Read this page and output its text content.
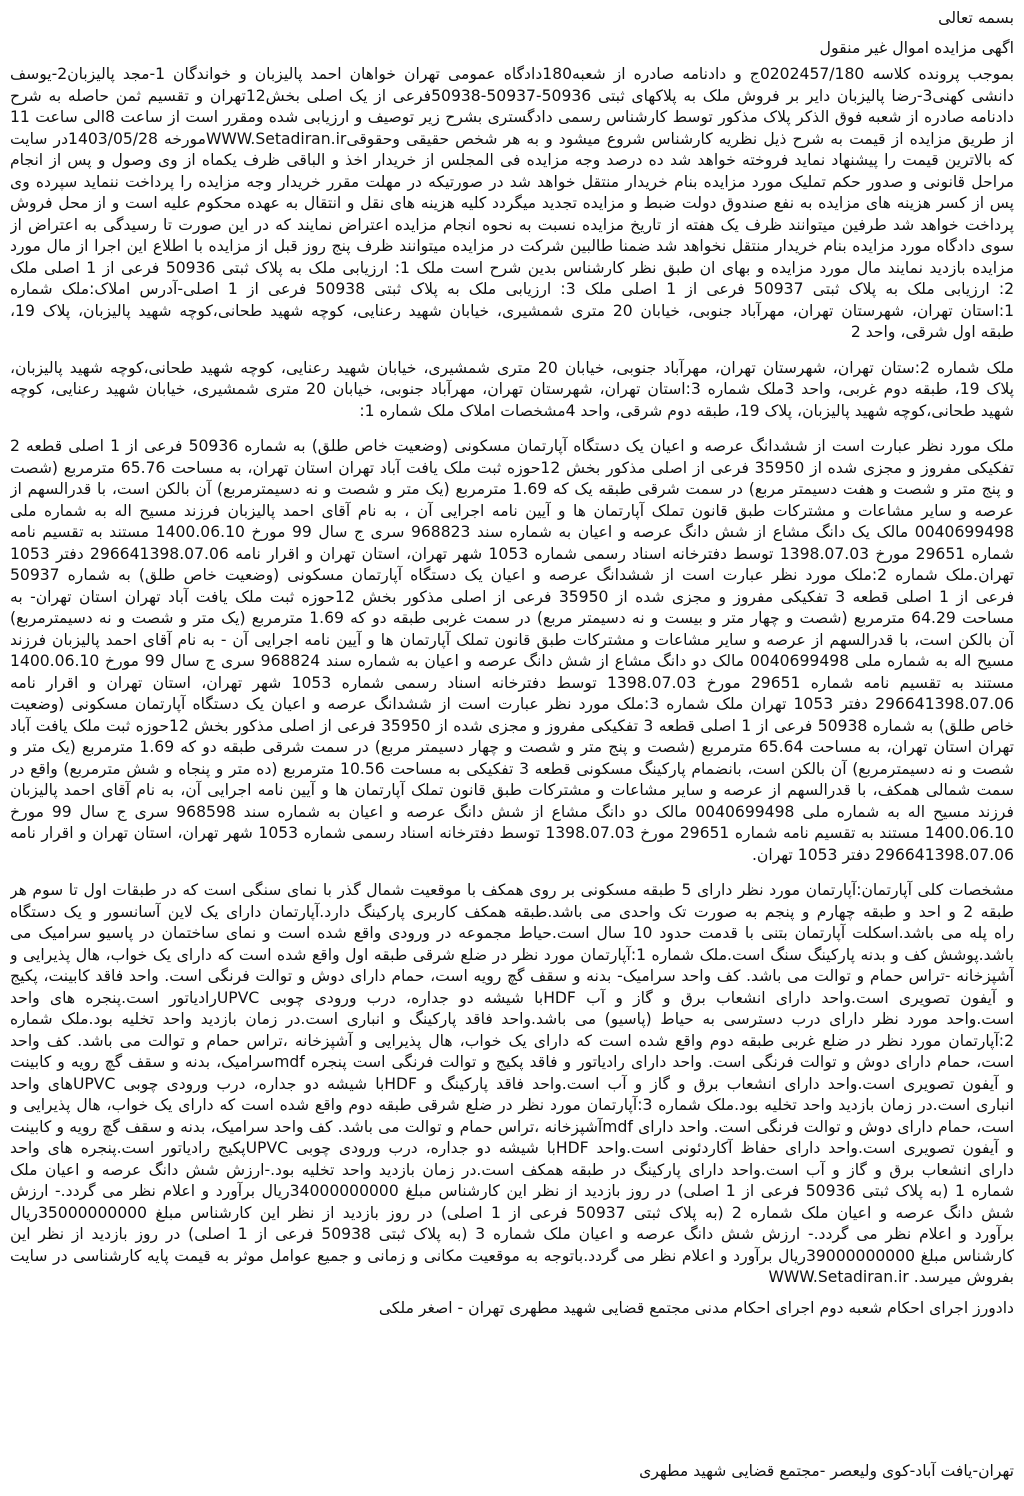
بسمه تعالی
اگهی مزایده اموال غیر منقول
بموجب پرونده کلاسه 0202457/180ج و دادنامه صادره از شعبه180دادگاه عمومی تهران خواهان احمد پالیزبان و خواندگان 1-مجد پالیزبان2-یوسف
دانشی کهنی3-رضا پالیزبان دایر بر فروش ملک به پلاکهای ثبتی 50936-50937-50938فرعی از یک اصلی بخش12تهران و تقسیم ثمن حاصله به شرح
دادنامه صادره از شعبه فوق الذکر پلاک مذکور توسط کارشناس رسمی دادگستری بشرح زیر توصیف و ارزیابی شده ومقرر است از ساعت 8الی ساعت 11
از طریق مزایده از قیمت به شرح ذیل نظریه کارشناس شروع میشود و به هر شخص حقیقی وحقوقیWWW.Setadiran.irمورخه 1403/05/28در سایت
که بالاترین قیمت را پیشنهاد نماید فروخته خواهد شد ده درصد وجه مزایده فی المجلس از خریدار اخذ و الباقی ظرف یکماه از وی وصول و پس از انجام
مراحل قانونی و صدور حکم تملیک مورد مزایده بنام خریدار منتقل خواهد شد در صورتیکه در مهلت مقرر خریدار وجه مزایده را پرداخت ننماید سپرده وی
پس از کسر هزینه های مزایده به نفع صندوق دولت ضبط و مزایده تجدید میگردد کلیه هزینه های نقل و انتقال به عهده محکوم علیه است و از محل فروش
پرداخت خواهد شد طرفین میتوانند ظرف یک هفته از تاریخ مزایده نسبت به نحوه انجام مزایده اعتراض نمایند که در این صورت تا رسیدگی به اعتراض از
سوی دادگاه مورد مزایده بنام خریدار منتقل نخواهد شد ضمنا طالبین شرکت در مزایده میتوانند ظرف پنج روز قبل از مزایده با اطلاع این اجرا از مال مورد
مزایده بازدید نمایند مال مورد مزایده و بهای ان طبق نظر کارشناس بدین شرح است ملک 1: ارزیابی ملک به پلاک ثبتی 50936 فرعی از 1 اصلی ملک
2: ارزیابی ملک به پلاک ثبتی 50937 فرعی از 1 اصلی ملک 3: ارزیابی ملک به پلاک ثبتی 50938 فرعی از 1 اصلی-آدرس املاک:ملک شماره
1:استان تهران، شهرستان تهران، مهرآباد جنوبی، خیابان 20 متری شمشیری، خیابان شهید رعنایی، کوچه شهید طحانی،کوچه شهید پالیزبان، پلاک 19،
طبقه اول شرقی، واحد 2
ملک شماره 2:ستان تهران، شهرستان تهران، مهرآباد جنوبی، خیابان 20 متری شمشیری، خیابان شهید رعنایی، کوچه شهید طحانی،کوچه شهید پالیزبان،
پلاک 19، طبقه دوم غربی، واحد 3ملک شماره 3:استان تهران، شهرستان تهران، مهرآباد جنوبی، خیابان 20 متری شمشیری، خیابان شهید رعنایی، کوچه
شهید طحانی،کوچه شهید پالیزبان، پلاک 19، طبقه دوم شرقی، واحد 4مشخصات املاک ملک شماره 1:
ملک مورد نظر عبارت است از ششدانگ عرصه و اعیان یک دستگاه آپارتمان مسکونی (وضعیت خاص طلق) به شماره 50936 فرعی از 1 اصلی قطعه 2
تفکیکی مفروز و مجزی شده از 35950 فرعی از اصلی مذکور بخش 12حوزه ثبت ملک یافت آباد تهران استان تهران، به مساحت 65.76 مترمربع (شصت
و پنج متر و شصت و هفت دسیمتر مربع) در سمت شرقی طبقه یک که 1.69 مترمربع (یک متر و شصت و نه دسیمترمربع) آن بالکن است، با قدرالسهم از
عرصه و سایر مشاعات و مشترکات طبق قانون تملک آپارتمان ها و آیین نامه اجرایی آن ، به نام آقای احمد پالیزبان فرزند مسیح اله به شماره ملی
0040699498 مالک یک دانگ مشاع از شش دانگ عرصه و اعیان به شماره سند 968823 سری ج سال 99 مورخ 1400.06.10 مستند به تقسیم نامه
شماره 29651 مورخ 1398.07.03 توسط دفترخانه اسناد رسمی شماره 1053 شهر تهران، استان تهران و اقرار نامه 296641398.07.06 دفتر 1053
تهران.ملک شماره 2:ملک مورد نظر عبارت است از ششدانگ عرصه و اعیان یک دستگاه آپارتمان مسکونی (وضعیت خاص طلق) به شماره 50937
فرعی از 1 اصلی قطعه 3 تفکیکی مفروز و مجزی شده از 35950 فرعی از اصلی مذکور بخش 12حوزه ثبت ملک یافت آباد تهران استان تهران- به
مساحت 64.29 مترمربع (شصت و چهار متر و بیست و نه دسیمتر مربع) در سمت غربی طبقه دو که 1.69 مترمربع (یک متر و شصت و نه دسیمترمربع)
آن بالکن است، با قدرالسهم از عرصه و سایر مشاعات و مشترکات طبق قانون تملک آپارتمان ها و آیین نامه اجرایی آن - به نام آقای احمد پالیزبان فرزند
مسیح اله به شماره ملی 0040699498 مالک دو دانگ مشاع از شش دانگ عرصه و اعیان به شماره سند 968824 سری ج سال 99 مورخ 1400.06.10
مستند به تقسیم نامه شماره 29651 مورخ 1398.07.03 توسط دفترخانه اسناد رسمی شماره 1053 شهر تهران، استان تهران و اقرار نامه
296641398.07.06 دفتر 1053 تهران ملک شماره 3:ملک مورد نظر عبارت است از ششدانگ عرصه و اعیان یک دستگاه آپارتمان مسکونی (وضعیت
خاص طلق) به شماره 50938 فرعی از 1 اصلی قطعه 3 تفکیکی مفروز و مجزی شده از 35950 فرعی از اصلی مذکور بخش 12حوزه ثبت ملک یافت آباد
تهران استان تهران، به مساحت 65.64 مترمربع (شصت و پنج متر و شصت و چهار دسیمتر مربع) در سمت شرقی طبقه دو که 1.69 مترمربع (یک متر و
شصت و نه دسیمترمربع) آن بالکن است، بانضمام پارکینگ مسکونی قطعه 3 تفکیکی به مساحت 10.56 مترمربع (ده متر و پنجاه و شش مترمربع) واقع در
سمت شمالی همکف، با قدرالسهم از عرصه و سایر مشاعات و مشترکات طبق قانون تملک آپارتمان ها و آیین نامه اجرایی آن، به نام آقای احمد پالیزبان
فرزند مسیح اله به شماره ملی 0040699498 مالک دو دانگ مشاع از شش دانگ عرصه و اعیان به شماره سند 968598 سری ج سال 99 مورخ
1400.06.10 مستند به تقسیم نامه شماره 29651 مورخ 1398.07.03 توسط دفترخانه اسناد رسمی شماره 1053 شهر تهران، استان تهران و اقرار نامه
296641398.07.06 دفتر 1053 تهران.
مشخصات کلی آپارتمان:آپارتمان مورد نظر دارای 5 طبقه مسکونی بر روی همکف با موقعیت شمال گذر با نمای سنگی است که در طبقات اول تا سوم هر
طبقه 2 و احد و طبقه چهارم و پنجم به صورت تک واحدی می باشد.طبقه همکف کاربری پارکینگ دارد.آپارتمان دارای یک لاین آسانسور و یک دستگاه
راه پله می باشد.اسکلت آپارتمان بتنی با قدمت حدود 10 سال است.حیاط مجموعه در ورودی واقع شده است و نمای ساختمان در پاسیو سرامیک می
باشد.پوشش کف و بدنه پارکینگ سنگ است.ملک شماره 1:آپارتمان مورد نظر در ضلع شرقی طبقه اول واقع شده است که دارای یک خواب، هال پذیرایی و
آشپزخانه -تراس حمام و توالت می باشد. کف واحد سرامیک- بدنه و سقف گچ رویه است، حمام دارای دوش و توالت فرنگی است. واحد فاقد کابینت، پکیج
و آیفون تصویری است.واحد دارای انشعاب برق و گاز و آب HDFبا شیشه دو جداره، درب ورودی چوبی UPVCرادیاتور است.پنجره های واحد
است.واحد مورد نظر دارای درب دسترسی به حیاط (پاسیو) می باشد.واحد فاقد پارکینگ و انباری است.در زمان بازدید واحد تخلیه بود.ملک شماره
2:آپارتمان مورد نظر در ضلع غربی طبقه دوم واقع شده است که دارای یک خواب، هال پذیرایی و آشپزخانه ،تراس حمام و توالت می باشد. کف واحد
است، حمام دارای دوش و توالت فرنگی است. واحد دارای رادیاتور و فاقد پکیج و توالت فرنگی است پنجره mdfسرامیک، بدنه و سقف گچ رویه و کابینت
و آیفون تصویری است.واحد دارای انشعاب برق و گاز و آب است.واحد فاقد پارکینگ و HDFبا شیشه دو جداره، درب ورودی چوبی UPVCهای واحد
انباری است.در زمان بازدید واحد تخلیه بود.ملک شماره 3:آپارتمان مورد نظر در ضلع شرقی طبقه دوم واقع شده است که دارای یک خواب، هال پذیرایی و
است، حمام دارای دوش و توالت فرنگی است. واحد دارای mdfآشپزخانه ،تراس حمام و توالت می باشد. کف واحد سرامیک، بدنه و سقف گچ رویه و کابینت
و آیفون تصویری است.واحد دارای حفاظ آکاردئونی است.واحد HDFبا شیشه دو جداره، درب ورودی چوبی UPVCپکیج رادیاتور است.پنجره های واحد
دارای انشعاب برق و گاز و آب است.واحد دارای پارکینگ در طبقه همکف است.در زمان بازدید واحد تخلیه بود.-ارزش شش دانگ عرصه و اعیان ملک
شماره 1 (به پلاک ثبتی 50936 فرعی از 1 اصلی) در روز بازدید از نظر این کارشناس مبلغ 34000000000ریال برآورد و اعلام نظر می گردد.- ارزش
شش دانگ عرصه و اعیان ملک شماره 2 (به پلاک ثبتی 50937 فرعی از 1 اصلی) در روز بازدید از نظر این کارشناس مبلغ 35000000000ریال
برآورد و اعلام نظر می گردد.- ارزش شش دانگ عرصه و اعیان ملک شماره 3 (به پلاک ثبتی 50938 فرعی از 1 اصلی) در روز بازدید از نظر این
کارشناس مبلغ 39000000000ریال برآورد و اعلام نظر می گردد.باتوجه به موقعیت مکانی و زمانی و جمیع عوامل موثر به قیمت پایه کارشناسی در سایت
بفروش میرسد. WWW.Setadiran.ir
دادورز اجرای احکام شعبه دوم اجرای احکام مدنی مجتمع قضایی شهید مطهری تهران - اصغر ملکی
تهران-یافت آباد-کوی ولیعصر -مجتمع قضایی شهید مطهری
